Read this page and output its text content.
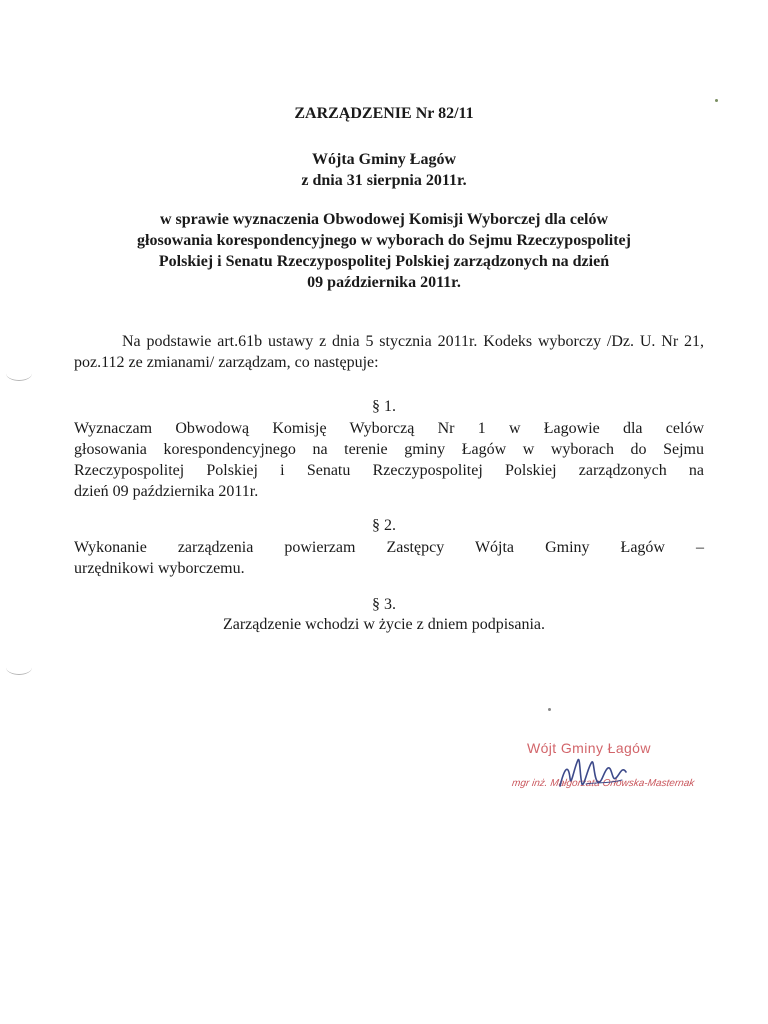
ZARZĄDZENIE Nr 82/11
Wójta Gminy Łagów
z dnia 31 sierpnia 2011r.
w sprawie wyznaczenia Obwodowej Komisji Wyborczej dla celów
głosowania korespondencyjnego w wyborach do Sejmu Rzeczypospolitej
Polskiej i Senatu Rzeczypospolitej Polskiej zarządzonych na dzień
09 października 2011r.
Na podstawie art.61b ustawy z dnia 5 stycznia 2011r. Kodeks wyborczy /Dz. U. Nr 21, poz.112 ze zmianami/ zarządzam, co następuje:
§ 1.
Wyznaczam Obwodową Komisję Wyborczą Nr 1 w Łagowie dla celów
głosowania korespondencyjnego na terenie gminy Łagów w wyborach do Sejmu
Rzeczypospolitej Polskiej i Senatu Rzeczypospolitej Polskiej zarządzonych na
dzień 09 października 2011r.
§ 2.
Wykonanie zarządzenia powierzam Zastępcy Wójta Gminy Łagów –
urzędnikowi wyborczemu.
§ 3.
Zarządzenie wchodzi w życie z dniem podpisania.
Wójt Gminy Łagów
mgr inż. Małgorzata Orłowska-Masternak
